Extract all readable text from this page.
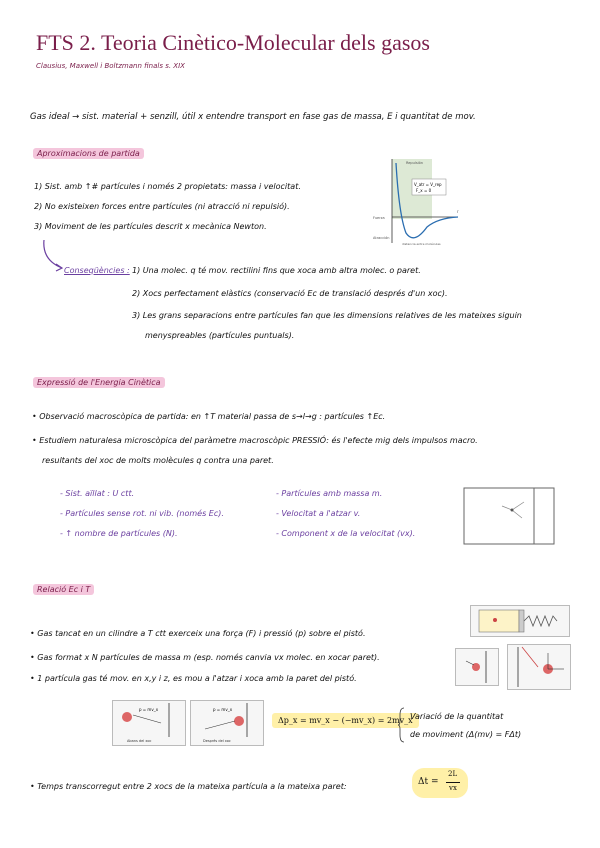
FTS 2. Teoria Cinètico-Molecular dels gasos
Clausius, Maxwell i Boltzmann finals s. XIX
Gas ideal → sist. material + senzill, útil x entendre transport en fase gas de massa, E i quantitat de mov.
Aproximacions de partida
1) Sist. amb ↑# partícules i només 2 propietats: massa i velocitat.
2) No existeixen forces entre partícules (ni atracció ni repulsió).
3) Moviment de les partícules descrit x mecànica Newton.
Conseqüències : 1) Una molec. q té mov. rectilini fins que xoca amb altra molec. o paret.
2) Xocs perfectament elàstics (conservació Ec de translació després d'un xoc).
3) Les grans separacions entre partícules fan que les dimensions relatives de les mateixes siguin
menyspreables (partícules puntuals).
V_atr = V_rep
F_x = 0
Repulsión
Fuerza
Atracción
r
distancia entre moléculas
Expressió de l'Energia Cinètica
• Observació macroscòpica de partida: en ↑T material passa de s→l→g : partícules ↑Ec.
• Estudiem naturalesa microscòpica del paràmetre macroscòpic PRESSIÓ: és l'efecte mig dels impulsos macro.
resultants del xoc de molts molècules q contra una paret.
- Sist. aïllat : U ctt.
- Partícules sense rot. ni vib. (només Ec).
- ↑ nombre de partícules (N).
- Partícules amb massa m.
- Velocitat a l'atzar v.
- Component x de la velocitat (vx).
Relació Ec i T
• Gas tancat en un cilindre a T ctt exerceix una força (F) i pressió (p) sobre el pistó.
• Gas format x N partícules de massa m (esp. només canvia vx molec. en xocar paret).
• 1 partícula gas té mov. en x,y i z, es mou a l'atzar i xoca amb la paret del pistó.
p = mv_x
Abans del xoc
p = mv_x
Després del xoc
Δp_x = mv_x − (−mv_x) = 2mv_x
Variació de la quantitat
de moviment (Δ(mv) = FΔt)
• Temps transcorregut entre 2 xocs de la mateixa partícula a la mateixa paret:	Δt =
2L
vx
